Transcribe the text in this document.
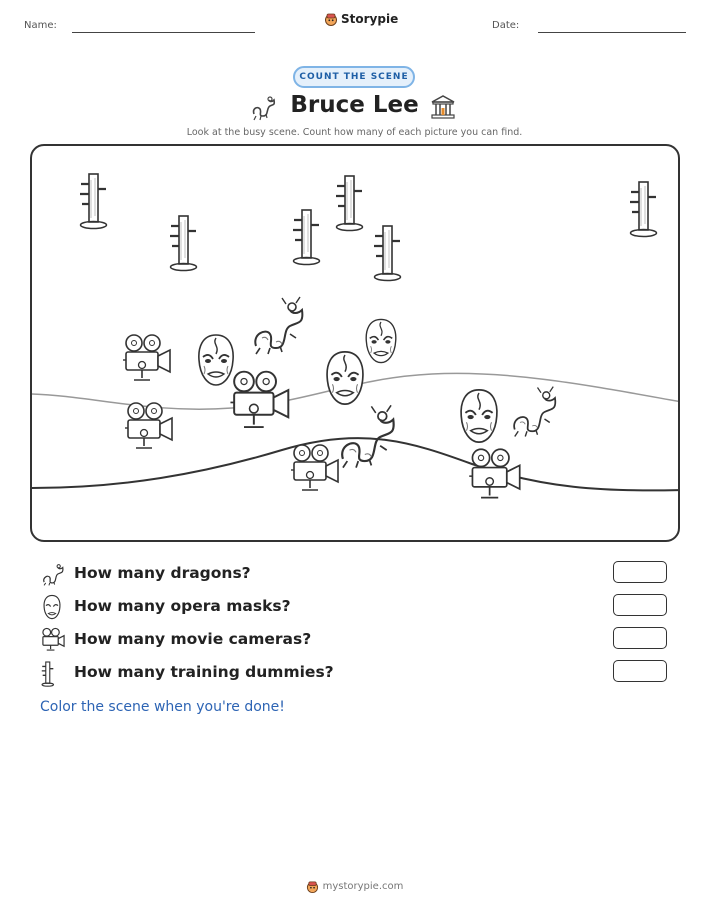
Name:	Storypie	Date:
COUNT THE SCENE
Bruce Lee
Look at the busy scene. Count how many of each picture you can find.
How many dragons?
How many opera masks?
How many movie cameras?
How many training dummies?
Color the scene when you're done!
mystorypie.com
